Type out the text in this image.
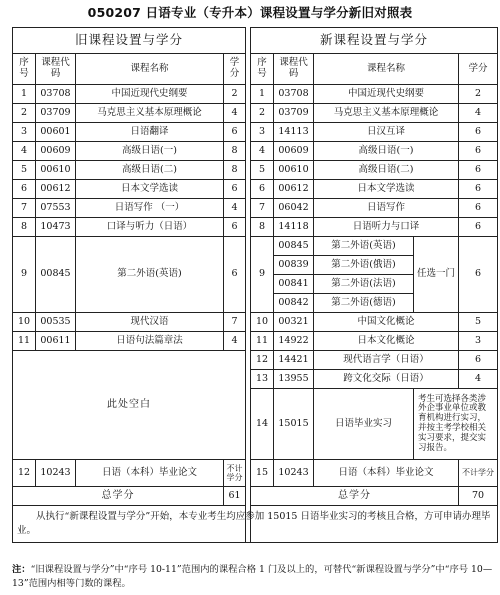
050207 日语专业（专升本）课程设置与学分新旧对照表
旧课程设置与学分					新课程设置与学分				
序号	课程代码	课程名称	学分		序号	课程代码	课程名称		学分
1	03708	中国近现代史纲要	2		1	03708	中国近现代史纲要		2
2	03709	马克思主义基本原理概论	4		2	03709	马克思主义基本原理概论		4
3	00601	日语翻译	6		3	14113	日汉互译		6
4	00609	高级日语(一)	8		4	00609	高级日语(一)		6
5	00610	高级日语(二)	8		5	00610	高级日语(二)		6
6	00612	日本文学选读	6		6	00612	日本文学选读		6
7	07553	日语写作 （一）	4		7	06042	日语写作		6
8	10473	口译与听力（日语）	6		8	14118	日语听力与口译		6
9	00845	第二外语(英语)	6		9	00845	第二外语(英语)	任选一门	6
						00839	第二外语(俄语)		
						00841	第二外语(法语)		
						00842	第二外语(德语)		
10	00535	现代汉语	7		10	00321	中国文化概论		5
11	00611	日语句法篇章法	4		11	14922	日本文化概论		3
此处空白					12	14421	现代语言学（日语）		6
					13	13955	跨文化交际（日语）		4
					14	15015	日语毕业实习	考生可选择各类涉外企事业单位或教育机构进行实习，并按主考学校相关实习要求，提交实习报告。	
12	10243	日语（本科）毕业论文	不计学分		15	10243	日语（本科）毕业论文		不计学分
总学分			61		总学分				70
从执行“新课程设置与学分”开始，本专业考生均应参加 15015 日语毕业实习的考核且合格，方可申请办理毕业。									
注：“旧课程设置与学分”中“序号 10-11”范围内的课程合格 1 门及以上的，可替代“新课程设置与学分”中“序号 10—13”范围内相等门数的课程。
